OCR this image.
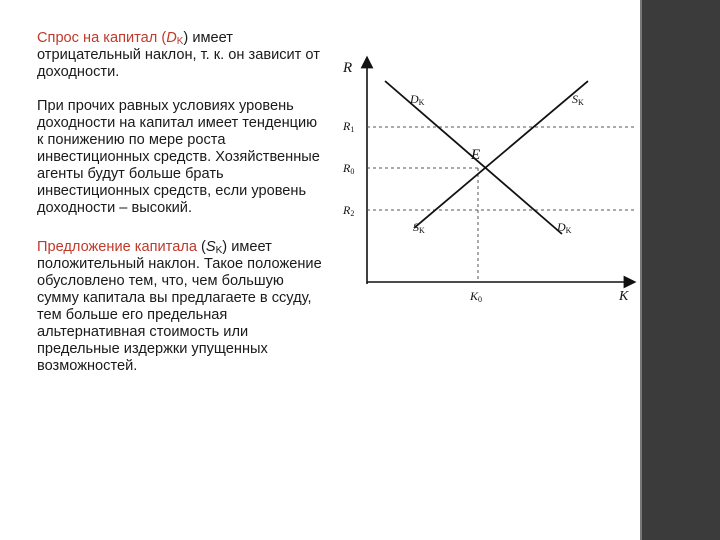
Спрос на капитал $(D_K)$ имеет отрицательный наклон, т. к. он зависит от доходности.

При прочих равных условиях уровень доходности на капитал имеет тенденцию к понижению по мере роста инвестиционных средств. Хозяйственные агенты будут больше брать инвестиционных средств, если уровень доходности – высокий.

Предложение капитала $(S_K)$ имеет положительный наклон. Такое положение обусловлено тем, что, чем большую сумму капитала вы предлагаете в ссуду, тем больше его предельная альтернативная стоимость или предельные издержки упущенных возможностей.

R
K
R1
R0
R2
K0
E
DK	SK
SK	DK
